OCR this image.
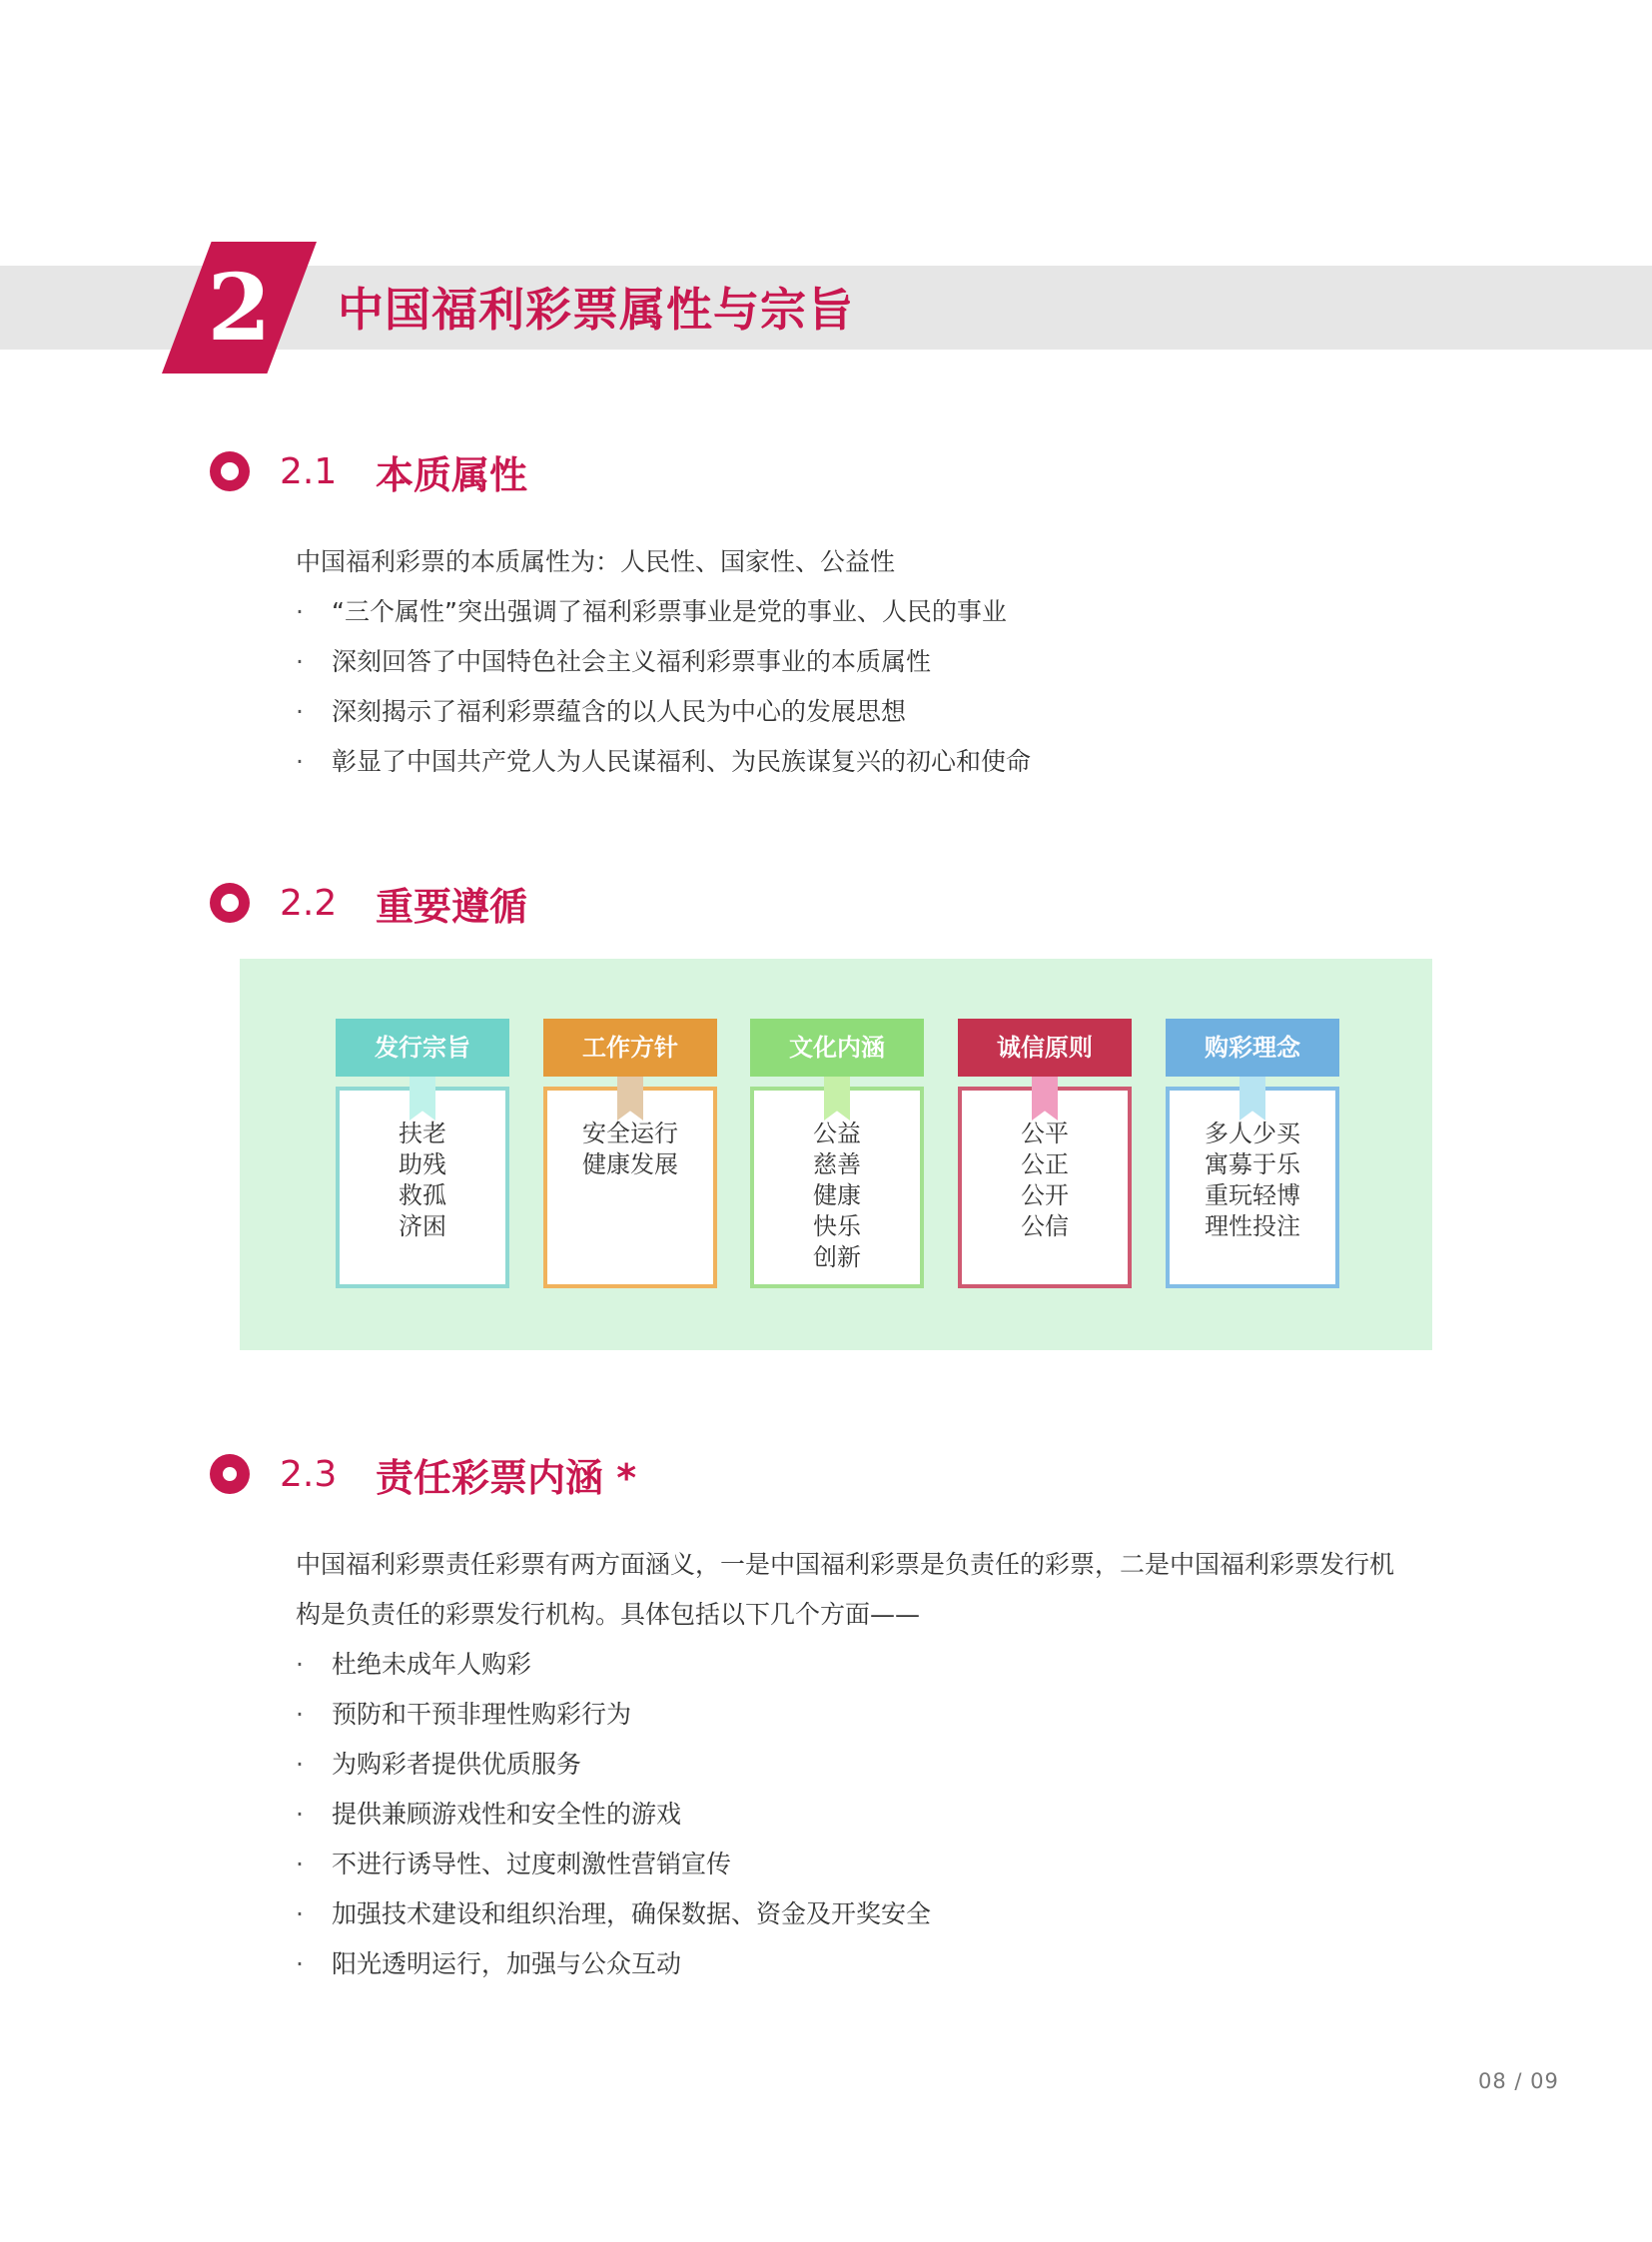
2	中国福利彩票属性与宗旨
2.1	本质属性
中国福利彩票的本质属性为：人民性、国家性、公益性
·	“三个属性”突出强调了福利彩票事业是党的事业、人民的事业
·	深刻回答了中国特色社会主义福利彩票事业的本质属性
·	深刻揭示了福利彩票蕴含的以人民为中心的发展思想
·	彰显了中国共产党人为人民谋福利、为民族谋复兴的初心和使命
2.2	重要遵循
发行宗旨
扶老
助残
救孤
济困
工作方针
安全运行
健康发展
文化内涵
公益
慈善
健康
快乐
创新
诚信原则
公平
公正
公开
公信
购彩理念
多人少买
寓募于乐
重玩轻博
理性投注
2.3	责任彩票内涵 *
中国福利彩票责任彩票有两方面涵义，一是中国福利彩票是负责任的彩票，二是中国福利彩票发行机
构是负责任的彩票发行机构。具体包括以下几个方面——
·	杜绝未成年人购彩
·	预防和干预非理性购彩行为
·	为购彩者提供优质服务
·	提供兼顾游戏性和安全性的游戏
·	不进行诱导性、过度刺激性营销宣传
·	加强技术建设和组织治理，确保数据、资金及开奖安全
·	阳光透明运行，加强与公众互动
08 / 09
